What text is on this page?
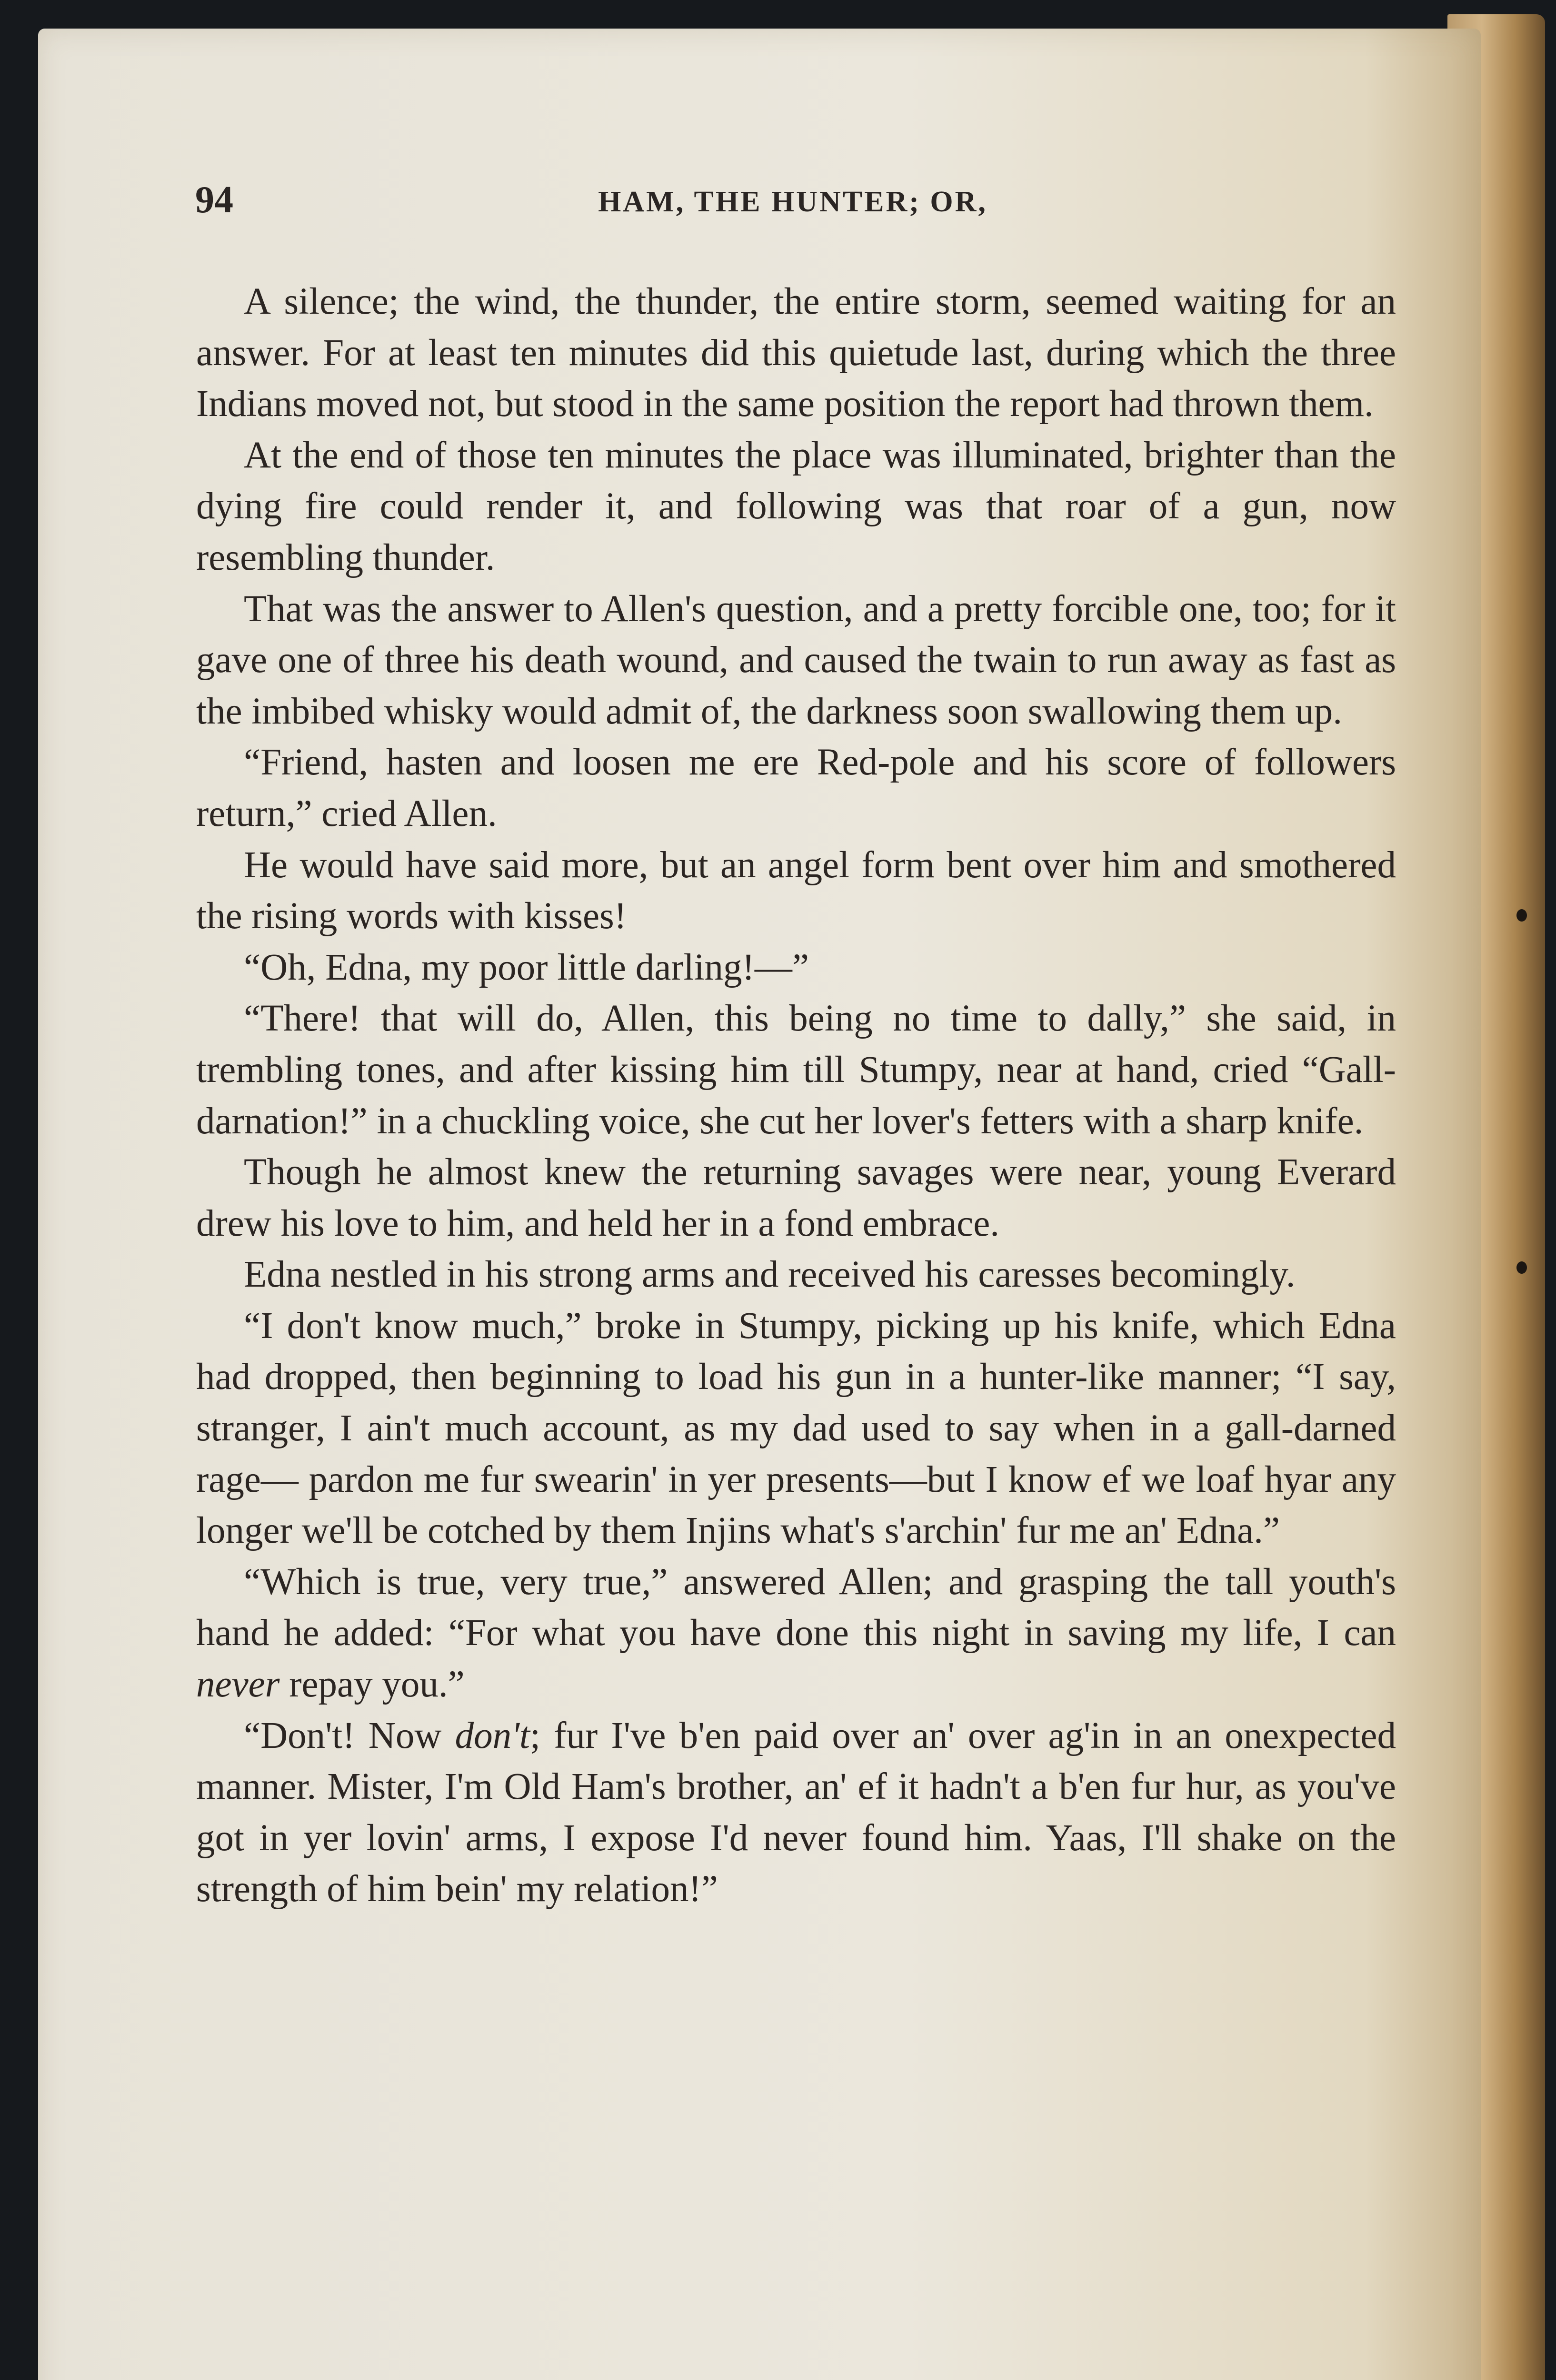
94	HAM, THE HUNTER; OR,

A silence; the wind, the thunder, the entire storm, seemed waiting for an answer. For at least ten minutes did this quietude last, during which the three Indians moved not, but stood in the same position the report had thrown them.

At the end of those ten minutes the place was illuminated, brighter than the dying fire could render it, and following was that roar of a gun, now resembling thunder.

That was the answer to Allen's question, and a pretty forcible one, too; for it gave one of three his death wound, and caused the twain to run away as fast as the imbibed whisky would admit of, the darkness soon swallowing them up.

“Friend, hasten and loosen me ere Red-pole and his score of followers return,” cried Allen.

He would have said more, but an angel form bent over him and smothered the rising words with kisses!

“Oh, Edna, my poor little darling!—”

“There! that will do, Allen, this being no time to dally,” she said, in trembling tones, and after kissing him till Stumpy, near at hand, cried “Gall-darnation!” in a chuckling voice, she cut her lover's fetters with a sharp knife.

Though he almost knew the returning savages were near, young Everard drew his love to him, and held her in a fond embrace.

Edna nestled in his strong arms and received his caresses becomingly.

“I don't know much,” broke in Stumpy, picking up his knife, which Edna had dropped, then beginning to load his gun in a hunter-like manner; “I say, stranger, I ain't much account, as my dad used to say when in a gall-darned rage— pardon me fur swearin' in yer presents—but I know ef we loaf hyar any longer we'll be cotched by them Injins what's s'archin' fur me an' Edna.”

“Which is true, very true,” answered Allen; and grasping the tall youth's hand he added: “For what you have done this night in saving my life, I can never repay you.”

“Don't! Now don't; fur I've b'en paid over an' over ag'in in an onexpected manner. Mister, I'm Old Ham's brother, an' ef it hadn't a b'en fur hur, as you've got in yer lovin' arms, I expose I'd never found him. Yaas, I'll shake on the strength of him bein' my relation!”
